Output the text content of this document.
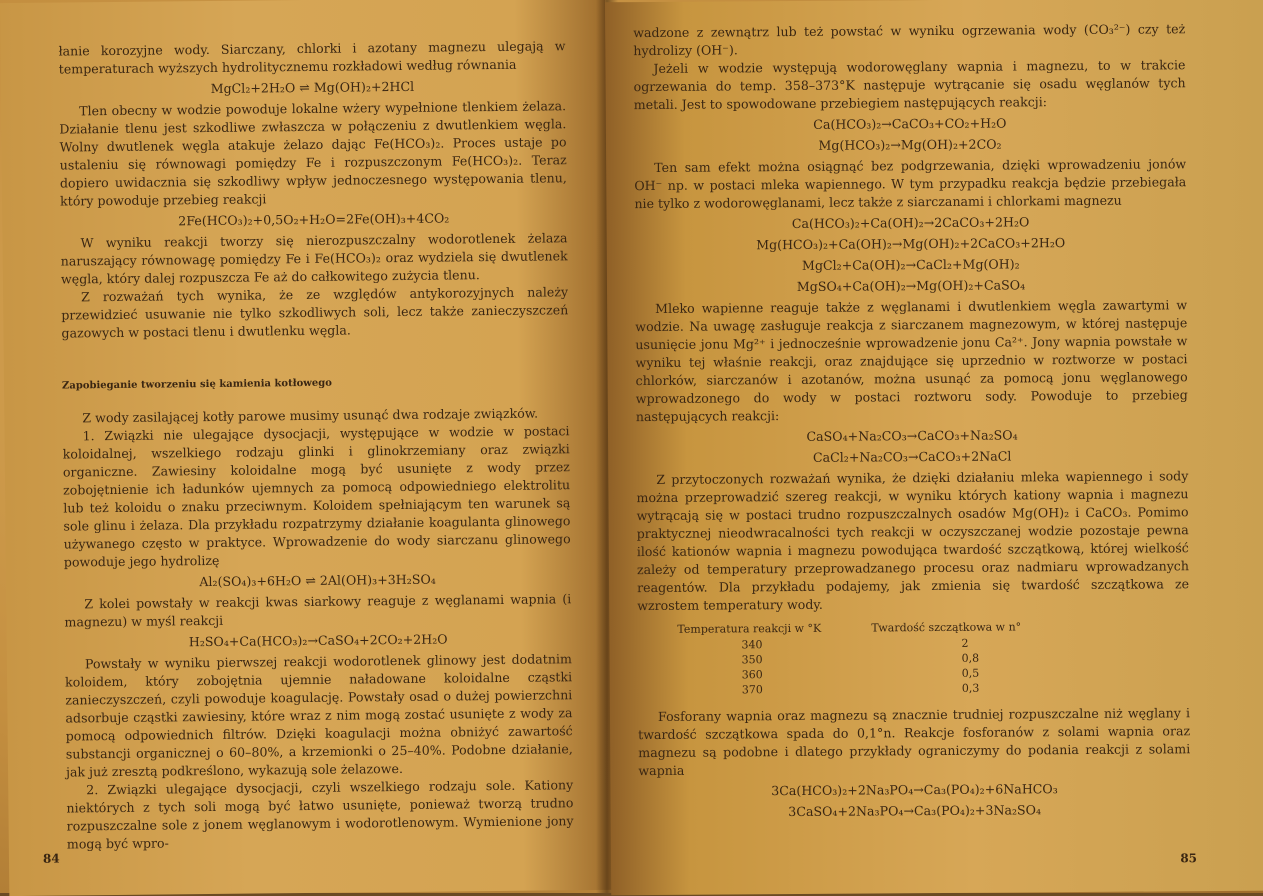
łanie korozyjne wody. Siarczany, chlorki i azotany magnezu ulegają w temperaturach wyższych hydrolitycznemu rozkładowi według równania

MgCl₂+2H₂O ⇌ Mg(OH)₂+2HCl

Tlen obecny w wodzie powoduje lokalne wżery wypełnione tlenkiem żelaza. Działanie tlenu jest szkodliwe zwłaszcza w połączeniu z dwutlenkiem węgla. Wolny dwutlenek węgla atakuje żelazo dając Fe(HCO₃)₂. Proces ustaje po ustaleniu się równowagi pomiędzy Fe i rozpuszczonym Fe(HCO₃)₂. Teraz dopiero uwidacznia się szkodliwy wpływ jednoczesnego występowania tlenu, który powoduje przebieg reakcji

2Fe(HCO₃)₂+0,5O₂+H₂O=2Fe(OH)₃+4CO₂

W wyniku reakcji tworzy się nierozpuszczalny wodorotlenek żelaza naruszający równowagę pomiędzy Fe i Fe(HCO₃)₂ oraz wydziela się dwutlenek węgla, który dalej rozpuszcza Fe aż do całkowitego zużycia tlenu.

Z rozważań tych wynika, że ze względów antykorozyjnych należy przewidzieć usuwanie nie tylko szkodliwych soli, lecz także zanieczyszczeń gazowych w postaci tlenu i dwutlenku węgla.

Zapobieganie tworzeniu się kamienia kotłowego

Z wody zasilającej kotły parowe musimy usunąć dwa rodzaje związków.

1. Związki nie ulegające dysocjacji, występujące w wodzie w postaci koloidalnej, wszelkiego rodzaju glinki i glinokrzemiany oraz związki organiczne. Zawiesiny koloidalne mogą być usunięte z wody przez zobojętnienie ich ładunków ujemnych za pomocą odpowiedniego elektrolitu lub też koloidu o znaku przeciwnym. Koloidem spełniającym ten warunek są sole glinu i żelaza. Dla przykładu rozpatrzymy działanie koagulanta glinowego używanego często w praktyce. Wprowadzenie do wody siarczanu glinowego powoduje jego hydrolizę

Al₂(SO₄)₃+6H₂O ⇌ 2Al(OH)₃+3H₂SO₄

Z kolei powstały w reakcji kwas siarkowy reaguje z węglanami wapnia (i magnezu) w myśl reakcji

H₂SO₄+Ca(HCO₃)₂→CaSO₄+2CO₂+2H₂O

Powstały w wyniku pierwszej reakcji wodorotlenek glinowy jest dodatnim koloidem, który zobojętnia ujemnie naładowane koloidalne cząstki zanieczyszczeń, czyli powoduje koagulację. Powstały osad o dużej powierzchni adsorbuje cząstki zawiesiny, które wraz z nim mogą zostać usunięte z wody za pomocą odpowiednich filtrów. Dzięki koagulacji można obniżyć zawartość substancji organicznej o 60–80%, a krzemionki o 25–40%. Podobne działanie, jak już zresztą podkreślono, wykazują sole żelazowe.

2. Związki ulegające dysocjacji, czyli wszelkiego rodzaju sole. Kationy niektórych z tych soli mogą być łatwo usunięte, ponieważ tworzą trudno rozpuszczalne sole z jonem węglanowym i wodorotlenowym. Wymienione jony mogą być wpro-

84

wadzone z zewnątrz lub też powstać w wyniku ogrzewania wody (CO₃²⁻) czy też hydrolizy (OH⁻).

Jeżeli w wodzie występują wodorowęglany wapnia i magnezu, to w trakcie ogrzewania do temp. 358–373°K następuje wytrącanie się osadu węglanów tych metali. Jest to spowodowane przebiegiem następujących reakcji:

Ca(HCO₃)₂→CaCO₃+CO₂+H₂O
Mg(HCO₃)₂→Mg(OH)₂+2CO₂

Ten sam efekt można osiągnąć bez podgrzewania, dzięki wprowadzeniu jonów OH⁻ np. w postaci mleka wapiennego. W tym przypadku reakcja będzie przebiegała nie tylko z wodorowęglanami, lecz także z siarczanami i chlorkami magnezu

Ca(HCO₃)₂+Ca(OH)₂→2CaCO₃+2H₂O
Mg(HCO₃)₂+Ca(OH)₂→Mg(OH)₂+2CaCO₃+2H₂O
MgCl₂+Ca(OH)₂→CaCl₂+Mg(OH)₂
MgSO₄+Ca(OH)₂→Mg(OH)₂+CaSO₄

Mleko wapienne reaguje także z węglanami i dwutlenkiem węgla zawartymi w wodzie. Na uwagę zasługuje reakcja z siarczanem magnezowym, w której następuje usunięcie jonu Mg²⁺ i jednocześnie wprowadzenie jonu Ca²⁺. Jony wapnia powstałe w wyniku tej właśnie reakcji, oraz znajdujące się uprzednio w roztworze w postaci chlorków, siarczanów i azotanów, można usunąć za pomocą jonu węglanowego wprowadzonego do wody w postaci roztworu sody. Powoduje to przebieg następujących reakcji:

CaSO₄+Na₂CO₃→CaCO₃+Na₂SO₄
CaCl₂+Na₂CO₃→CaCO₃+2NaCl

Z przytoczonych rozważań wynika, że dzięki działaniu mleka wapiennego i sody można przeprowadzić szereg reakcji, w wyniku których kationy wapnia i magnezu wytrącają się w postaci trudno rozpuszczalnych osadów Mg(OH)₂ i CaCO₃. Pomimo praktycznej nieodwracalności tych reakcji w oczyszczanej wodzie pozostaje pewna ilość kationów wapnia i magnezu powodująca twardość szczątkową, której wielkość zależy od temperatury przeprowadzanego procesu oraz nadmiaru wprowadzanych reagentów. Dla przykładu podajemy, jak zmienia się twardość szczątkowa ze wzrostem temperatury wody.

Temperatura reakcji w °K	Twardość szczątkowa w n°
340	2
350	0,8
360	0,5
370	0,3

Fosforany wapnia oraz magnezu są znacznie trudniej rozpuszczalne niż węglany i twardość szczątkowa spada do 0,1°n. Reakcje fosforanów z solami wapnia oraz magnezu są podobne i dlatego przykłady ograniczymy do podania reakcji z solami wapnia

3Ca(HCO₃)₂+2Na₃PO₄→Ca₃(PO₄)₂+6NaHCO₃
3CaSO₄+2Na₃PO₄→Ca₃(PO₄)₂+3Na₂SO₄
85
